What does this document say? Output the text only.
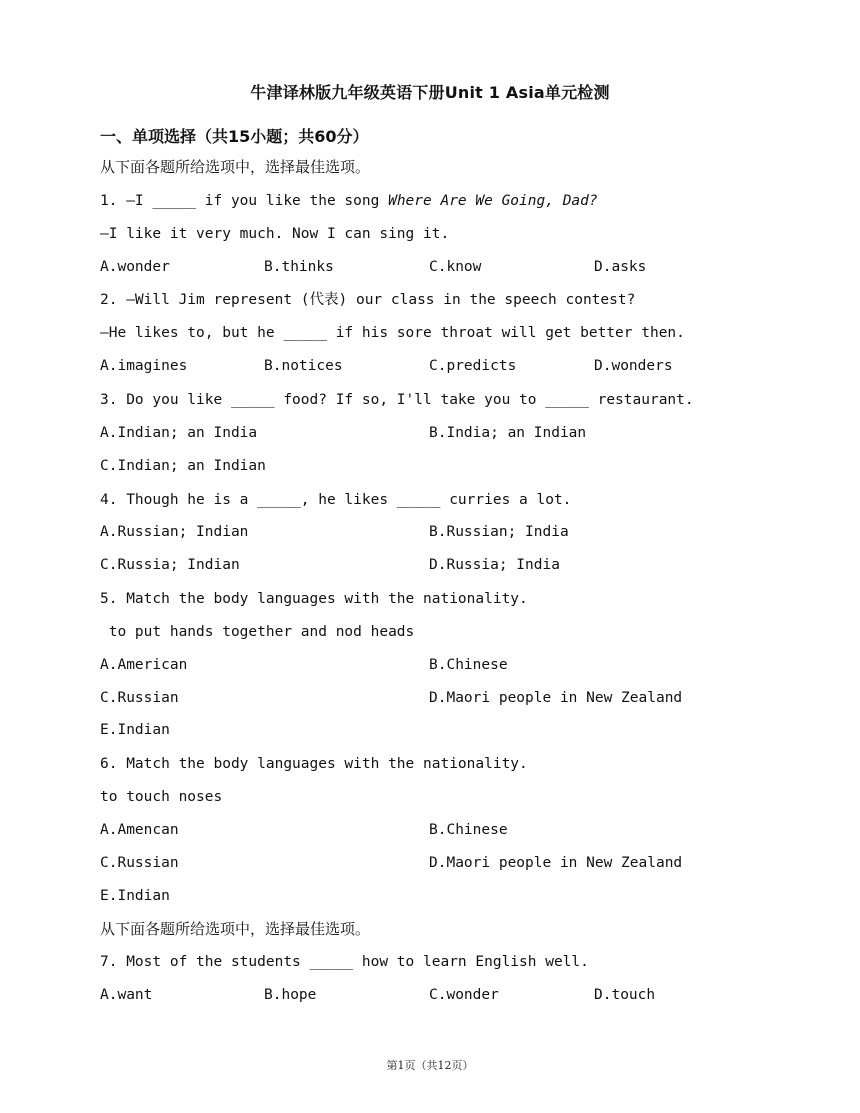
牛津译林版九年级英语下册Unit 1 Asia单元检测
一、单项选择（共15小题；共60分）
从下面各题所给选项中，选择最佳选项。
1. —I _____ if you like the song Where Are We Going, Dad?
—I like it very much. Now I can sing it.
A.wonder	B.thinks	C.know	D.asks
2. —Will Jim represent (代表) our class in the speech contest?
—He likes to, but he _____ if his sore throat will get better then.
A.imagines	B.notices	C.predicts	D.wonders
3. Do you like _____ food? If so, I'll take you to _____ restaurant.
A.Indian; an India	B.India; an Indian
C.Indian; an Indian
4. Though he is a _____, he likes _____ curries a lot.
A.Russian; Indian	B.Russian; India
C.Russia; Indian	D.Russia; India
5. Match the body languages with the nationality.
to put hands together and nod heads
A.American	B.Chinese
C.Russian	D.Maori people in New Zealand
E.Indian
6. Match the body languages with the nationality.
to touch noses
A.Amencan	B.Chinese
C.Russian	D.Maori people in New Zealand
E.Indian
从下面各题所给选项中，选择最佳选项。
7. Most of the students _____ how to learn English well.
A.want	B.hope	C.wonder	D.touch
第1页（共12页）
